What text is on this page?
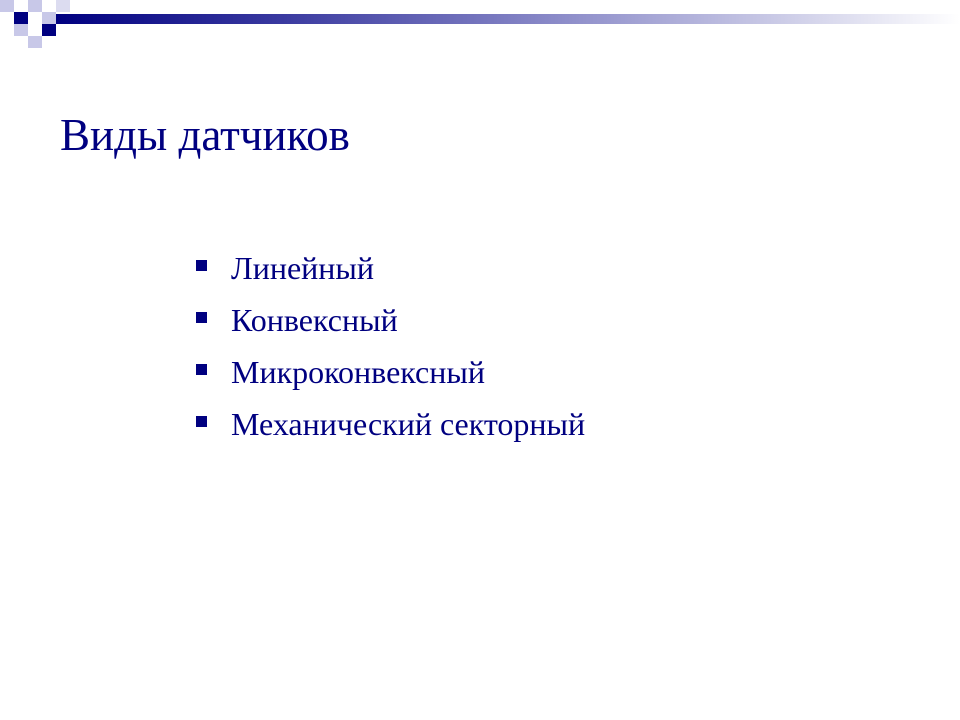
Виды датчиков
Линейный
Конвексный
Микроконвексный
Механический секторный
